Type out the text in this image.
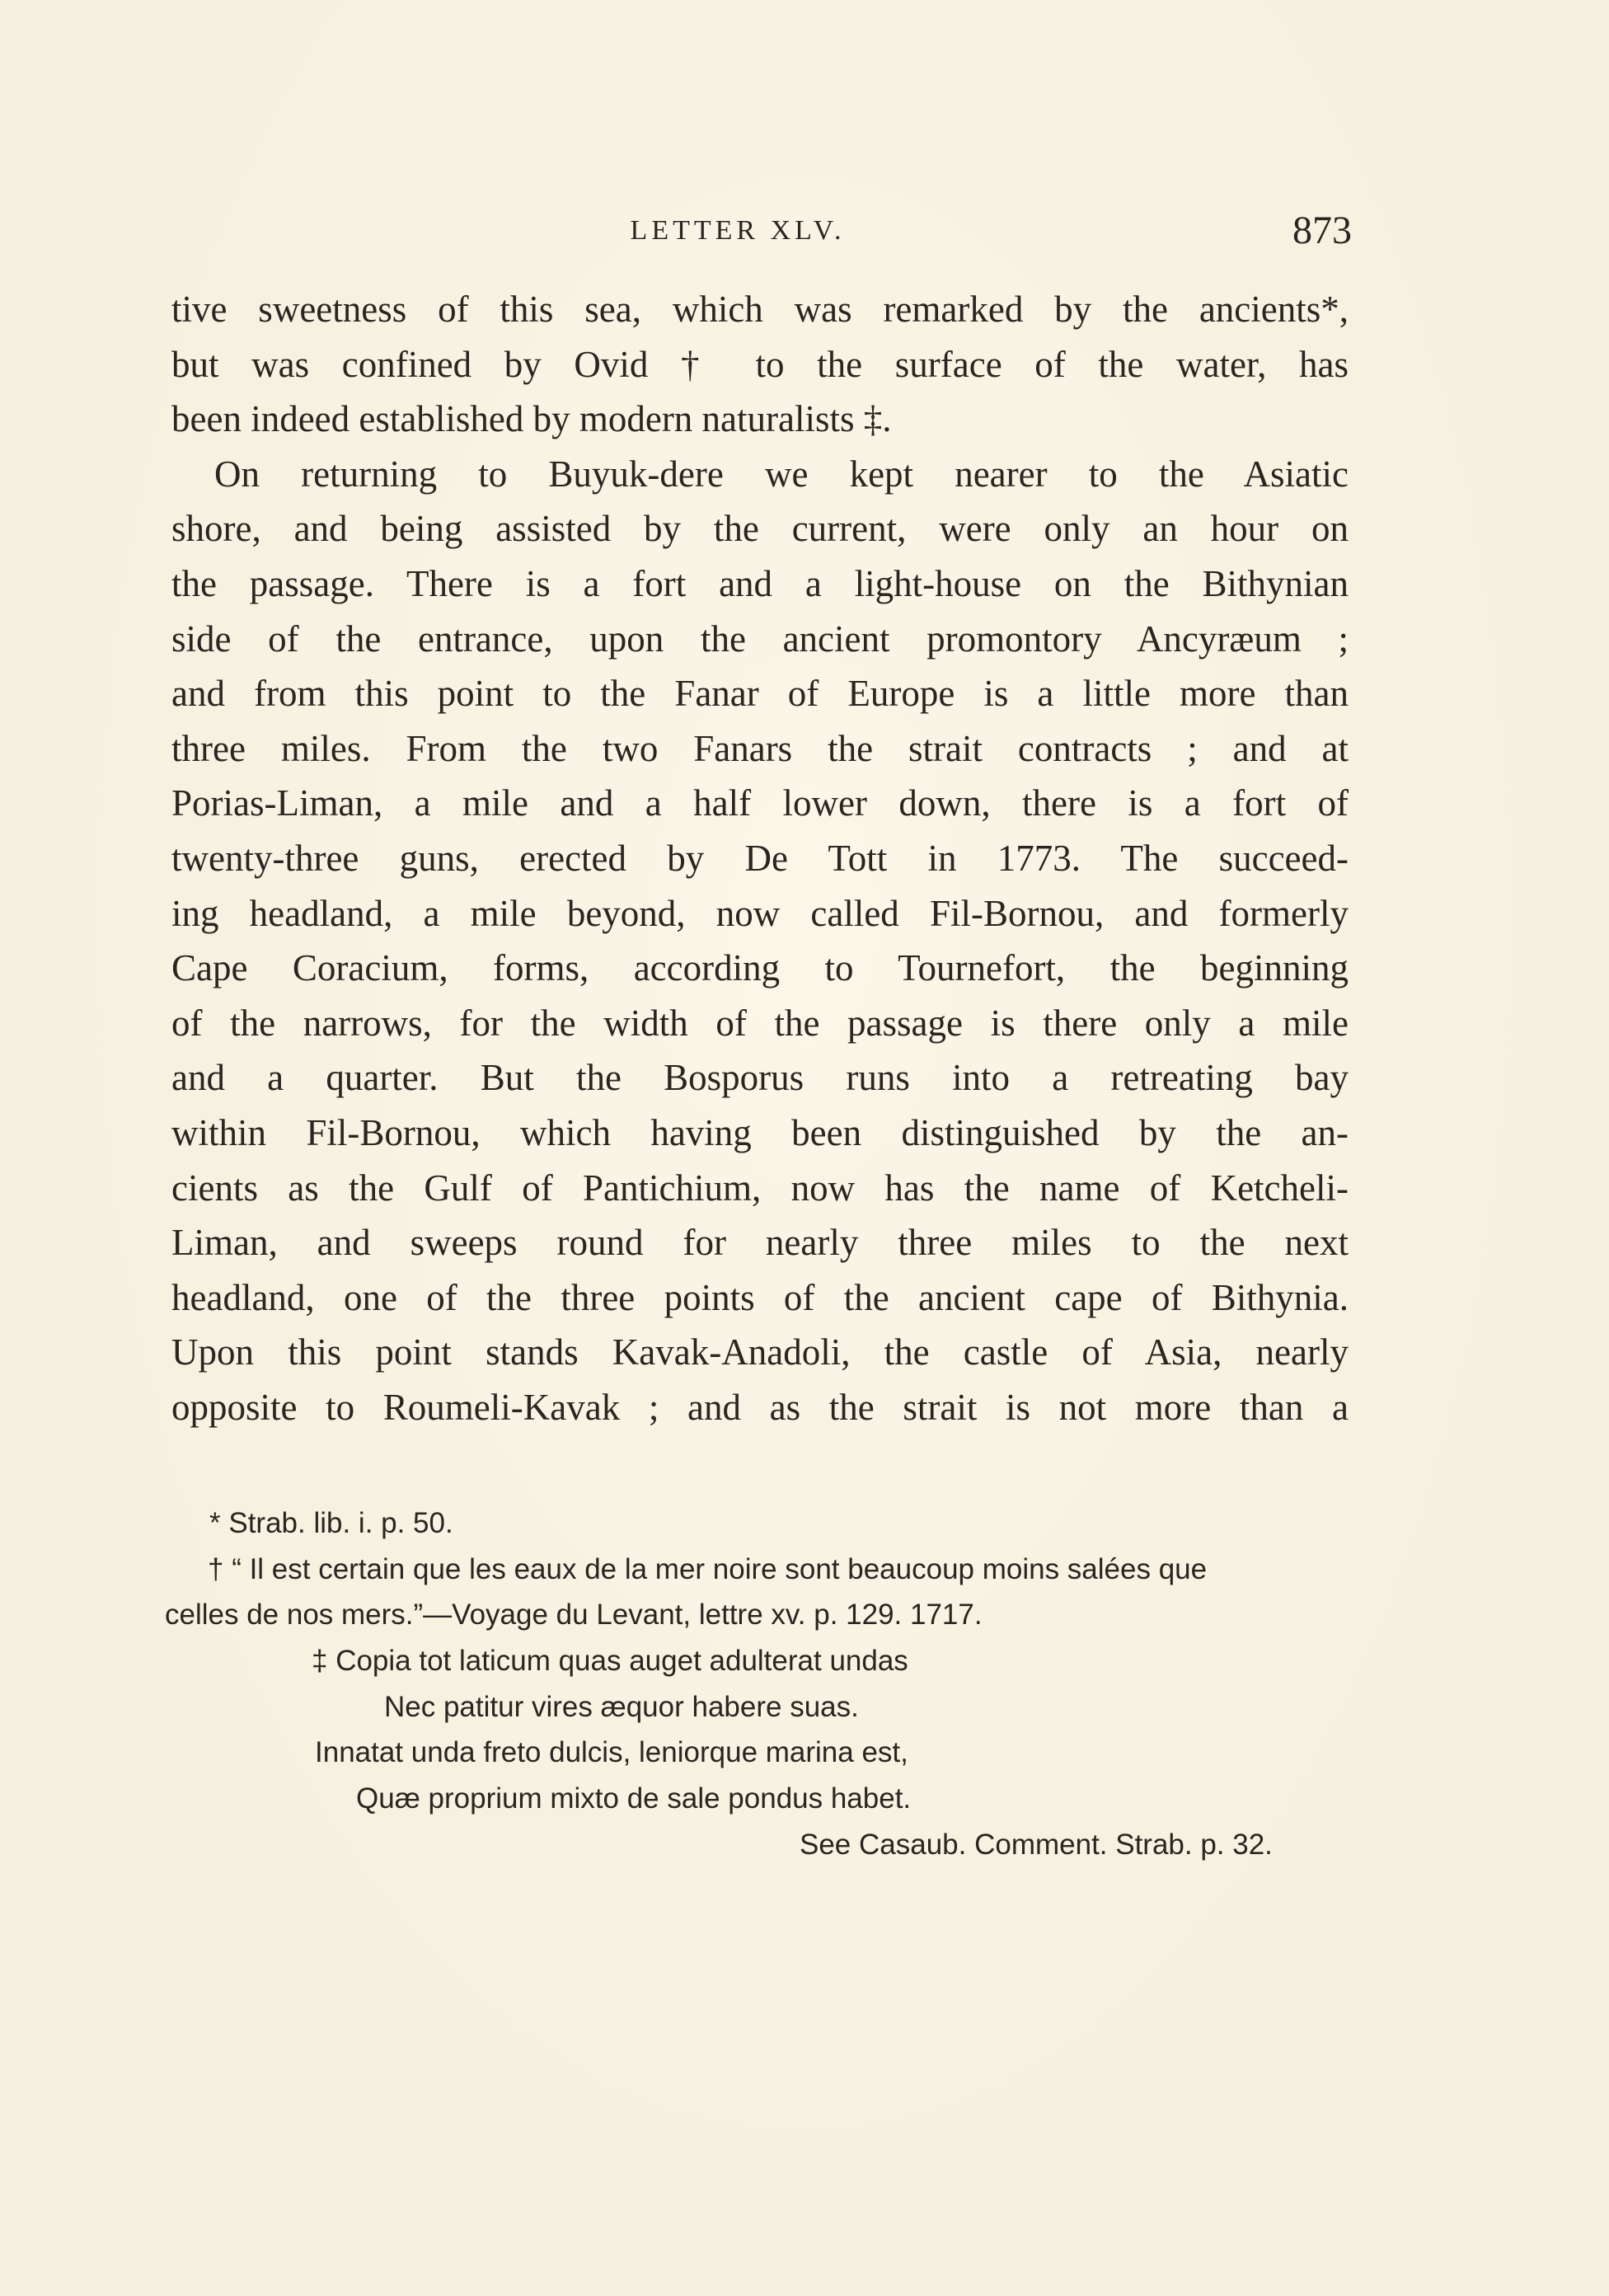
LETTER XLV.	873
tive sweetness of this sea, which was remarked by the ancients*,
but was confined by Ovid † to the surface of the water, has
been indeed established by modern naturalists ‡.
On returning to Buyuk-dere we kept nearer to the Asiatic
shore, and being assisted by the current, were only an hour on
the passage. There is a fort and a light-house on the Bithynian
side of the entrance, upon the ancient promontory Ancyræum ;
and from this point to the Fanar of Europe is a little more than
three miles. From the two Fanars the strait contracts ; and at
Porias-Liman, a mile and a half lower down, there is a fort of
twenty-three guns, erected by De Tott in 1773. The succeed-
ing headland, a mile beyond, now called Fil-Bornou, and formerly
Cape Coracium, forms, according to Tournefort, the beginning
of the narrows, for the width of the passage is there only a mile
and a quarter. But the Bosporus runs into a retreating bay
within Fil-Bornou, which having been distinguished by the an-
cients as the Gulf of Pantichium, now has the name of Ketcheli-
Liman, and sweeps round for nearly three miles to the next
headland, one of the three points of the ancient cape of Bithynia.
Upon this point stands Kavak-Anadoli, the castle of Asia, nearly
opposite to Roumeli-Kavak ; and as the strait is not more than a
* Strab. lib. i. p. 50.
† “ Il est certain que les eaux de la mer noire sont beaucoup moins salées que
celles de nos mers.”—Voyage du Levant, lettre xv. p. 129. 1717.
‡ Copia tot laticum quas auget adulterat undas
Nec patitur vires æquor habere suas.
Innatat unda freto dulcis, leniorque marina est,
Quæ proprium mixto de sale pondus habet.
See Casaub. Comment. Strab. p. 32.
